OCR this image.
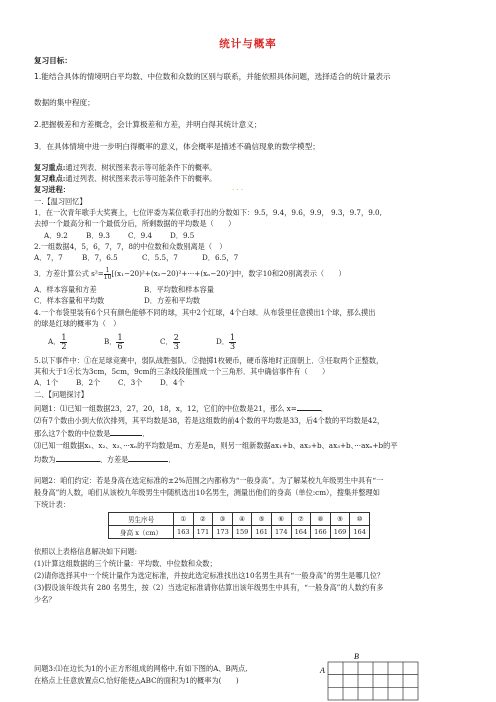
统计与概率
复习目标：
1.能结合具体的情境明白平均数、中位数和众数的区别与联系，并能依照具体问题，选择适合的统计量表示
数据的集中程度；
2.把握极差和方差概念，会计算极差和方差，并明白得其统计意义；
3．在具体情境中进一步明白得概率的意义，体会概率是描述不确信现象的数学模型；
复习重点:通过列表、树状图来表示等可能条件下的概率。
复习难点:通过列表、树状图来表示等可能条件下的概率。
复习进程：	· · ·
一.【温习回忆】
1．在一次青年歌手大奖赛上，七位评委为某位歌手打出的分数如下：9.5，9.4，9.6，9.9， 9.3，9.7，9.0,
去掉一个最高分和一个最低分后，所剩数据的平均数是（　　）
A．9.2	B．9.3	C．9.4 D．9.5
2.一组数据4，5，6，7，7，8的中位数和众数别离是（　）
A．7，7	B．7，6.5	C．5.5，7	D．6.5，7
3．方差计算公式 $s^2= \frac{1}{10} [(x_1-20)^2+(x_2-20)^2+\cdot\cdot\cdot+(x_n-20)^2]$中，数字10和20别离表示（　　）
A．样本容量和方差	B．平均数和样本容量
C．样本容量和平均数	D．方差和平均数
4.一个布袋里装有6个只有颜色能够不同的球，其中2个红球，4个白球．从布袋里任意摸出1个球，那么摸出
的球是红球的概率为（　）
A． $\frac{1}{2}$	B． $\frac{1}{6}$	C． $\frac{2}{3}$	D． $\frac{1}{3}$
5.以下事件中：①在足球竞赛中，弱队战胜强队．②抛掷1枚硬币，硬币落地时正面朝上．③任取两个正整数，
其和大于1④长为3cm，5cm，9cm的三条线段能围成一个三角形．其中确信事件有（　　）
A．1个 B．2个 C．3个 D．4个
二、【问题探讨】
问题1：⑴已知一组数据23，27，20，18，x，12，它们的中位数是21，那么 x=	．
⑵有7个数由小到大依次排列，其平均数是38，若是这组数的前4个数的平均数是33，后4个数的平均数是42，
那么这7个数的中位数是	．
⑶已知一组数据x₁、x₂、x₃、···xₙ的平均数是m、方差是n，则另一组新数据ax₁+b、ax₂+b、ax₃+b、···axₙ+b的平
均数为	、方差是	．
问题2：咱们约定：若是身高在选定标准的±2%范围之内都称为“一般身高”。为了解某校九年级男生中具有“一
般身高”的人数，咱们从该校九年级男生中随机选出10名男生，测量出他们的身高（单位:cm），搜集并整理如
下统计表：
男生序号	①	②	③	④	⑤	⑥	⑦	⑧	⑨	⑩
身高 x（cm）	163	171	173	159	161	174	164	166	169	164
依照以上表格信息解决如下问题:
(1)计算这组数据的三个统计量：平均数、中位数和众数；
(2)请你选择其中一个统计量作为选定标准，并按此选定标准找出这10名男生具有“一般身高”的男生是哪几位？
(3)假设该年级共有 280 名男生，按（2）当选定标准请你估算出该年级男生中具有，“一般身高”的人数约有多
少名？
问题3:⑴在边长为1的小正方形组成的网格中,有如下图的A、B两点,
在格点上任意放置点C,恰好能使△ABC的面积为1的概率为(　　)
A
B
